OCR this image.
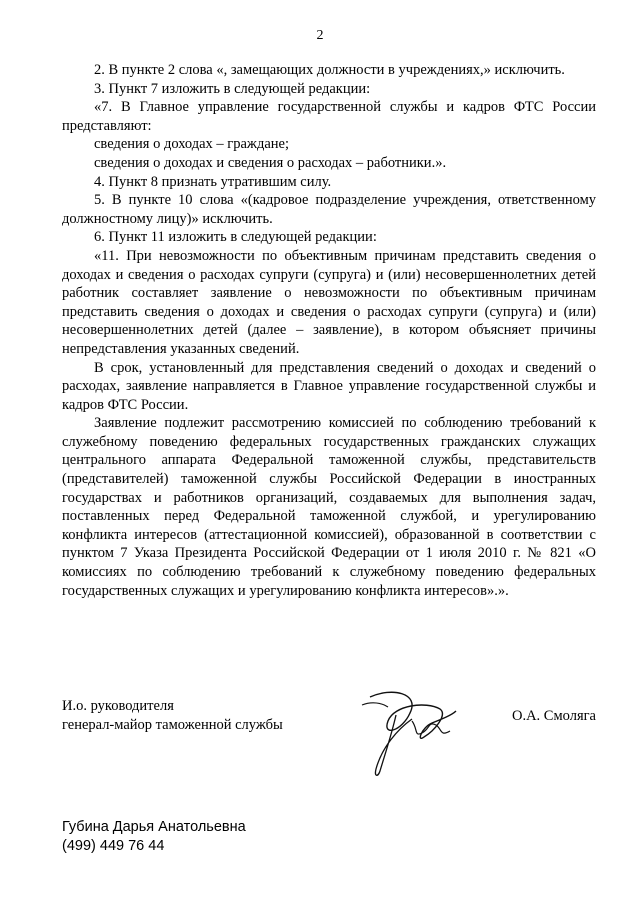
2

2. В пункте 2 слова «, замещающих должности в учреждениях,» исключить.

3. Пункт 7 изложить в следующей редакции:

«7. В Главное управление государственной службы и кадров ФТС России представляют:

сведения о доходах – граждане;

сведения о доходах и сведения о расходах – работники.».

4. Пункт 8 признать утратившим силу.

5. В пункте 10 слова «(кадровое подразделение учреждения, ответственному должностному лицу)» исключить.

6. Пункт 11 изложить в следующей редакции:

«11. При невозможности по объективным причинам представить сведения о доходах и сведения о расходах супруги (супруга) и (или) несовершеннолетних детей работник составляет заявление о невозможности по объективным причинам представить сведения о доходах и сведения о расходах супруги (супруга) и (или) несовершеннолетних детей (далее – заявление), в котором объясняет причины непредставления указанных сведений.

В срок, установленный для представления сведений о доходах и сведений о расходах, заявление направляется в Главное управление государственной службы и кадров ФТС России.

Заявление подлежит рассмотрению комиссией по соблюдению требований к служебному поведению федеральных государственных гражданских служащих центрального аппарата Федеральной таможенной службы, представительств (представителей) таможенной службы Российской Федерации в иностранных государствах и работников организаций, создаваемых для выполнения задач, поставленных перед Федеральной таможенной службой, и урегулированию конфликта интересов (аттестационной комиссией), образованной в соответствии с пунктом 7 Указа Президента Российской Федерации от 1 июля 2010 г. № 821 «О комиссиях по соблюдению требований к служебному поведению федеральных государственных служащих и урегулированию конфликта интересов».».

И.о. руководителя
генерал-майор таможенной службы
О.А. Смоляга
Губина Дарья Анатольевна
(499) 449 76 44
